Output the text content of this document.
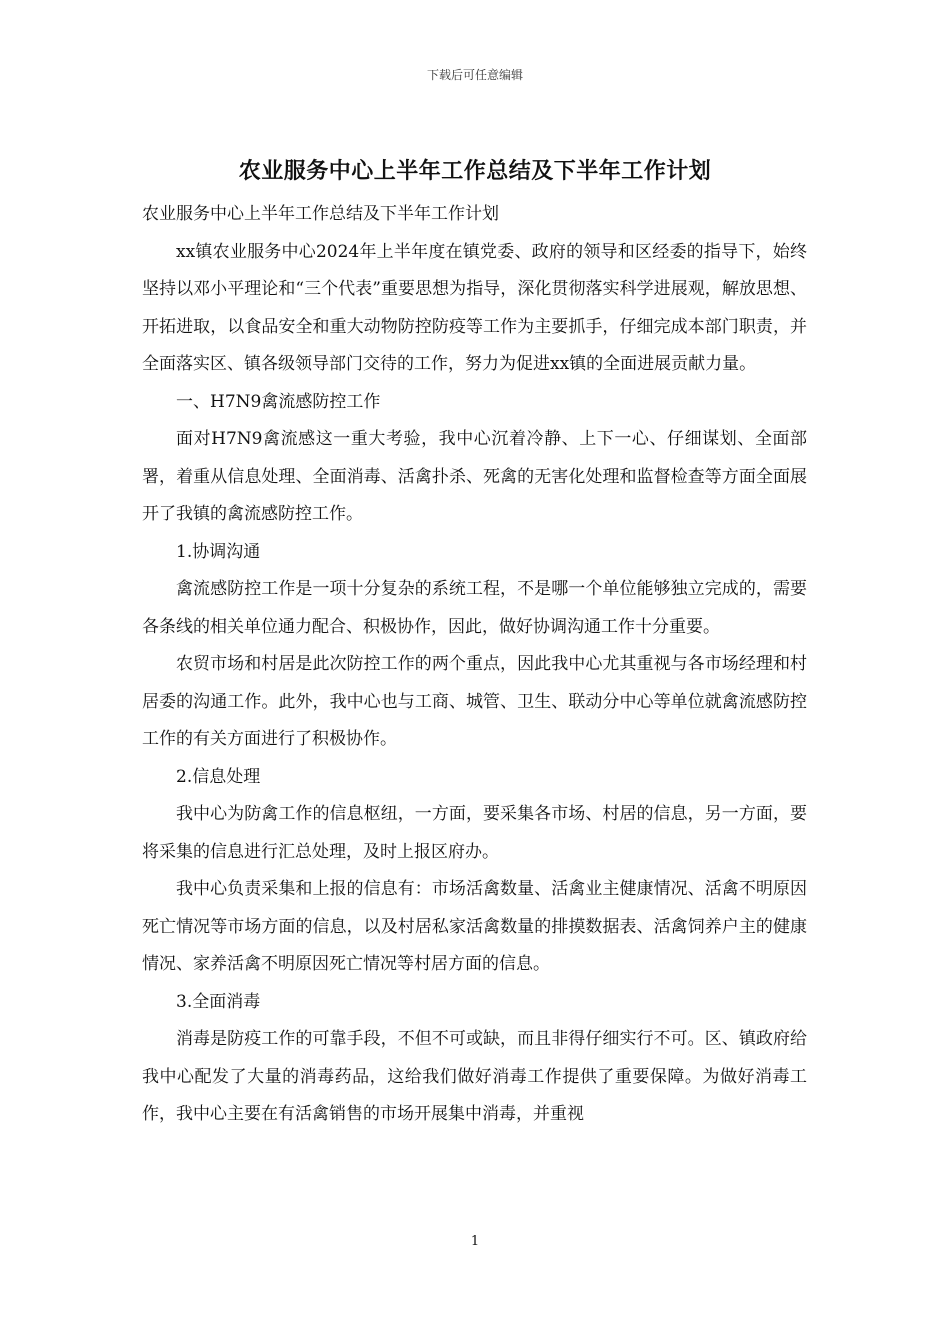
下载后可任意编辑
农业服务中心上半年工作总结及下半年工作计划

农业服务中心上半年工作总结及下半年工作计划

xx镇农业服务中心2024年上半年度在镇党委、政府的领导和区经委的指导下，始终坚持以邓小平理论和“三个代表”重要思想为指导，深化贯彻落实科学进展观，解放思想、开拓进取，以食品安全和重大动物防控防疫等工作为主要抓手，仔细完成本部门职责，并全面落实区、镇各级领导部门交待的工作，努力为促进xx镇的全面进展贡献力量。

一、H7N9禽流感防控工作

面对H7N9禽流感这一重大考验，我中心沉着冷静、上下一心、仔细谋划、全面部署，着重从信息处理、全面消毒、活禽扑杀、死禽的无害化处理和监督检查等方面全面展开了我镇的禽流感防控工作。

1.协调沟通

禽流感防控工作是一项十分复杂的系统工程，不是哪一个单位能够独立完成的，需要各条线的相关单位通力配合、积极协作，因此，做好协调沟通工作十分重要。

农贸市场和村居是此次防控工作的两个重点，因此我中心尤其重视与各市场经理和村居委的沟通工作。此外，我中心也与工商、城管、卫生、联动分中心等单位就禽流感防控工作的有关方面进行了积极协作。

2.信息处理

我中心为防禽工作的信息枢纽，一方面，要采集各市场、村居的信息，另一方面，要将采集的信息进行汇总处理，及时上报区府办。

我中心负责采集和上报的信息有：市场活禽数量、活禽业主健康情况、活禽不明原因死亡情况等市场方面的信息，以及村居私家活禽数量的排摸数据表、活禽饲养户主的健康情况、家养活禽不明原因死亡情况等村居方面的信息。

3.全面消毒

消毒是防疫工作的可靠手段，不但不可或缺，而且非得仔细实行不可。区、镇政府给我中心配发了大量的消毒药品，这给我们做好消毒工作提供了重要保障。为做好消毒工作，我中心主要在有活禽销售的市场开展集中消毒，并重视

1
